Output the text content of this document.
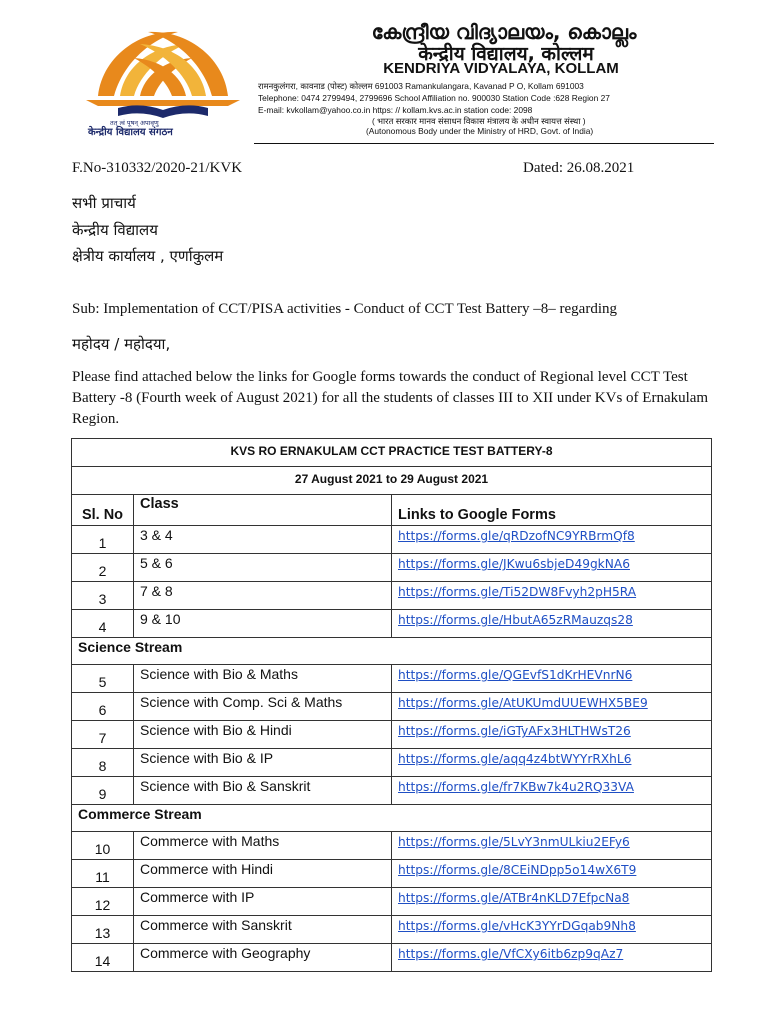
तत् त्वं पूषन् अपावृणु
केन्द्रीय विद्यालय संगठन
കേന്ദ്രീയ വിദ്യാലയം, കൊല്ലം
केन्द्रीय विद्यालय, कोल्लम
KENDRIYA VIDYALAYA, KOLLAM
रामनकुलंगरा, कावनाड (पोस्ट) कोल्लम 691003 Ramankulangara, Kavanad P O, Kollam 691003
Telephone: 0474 2799494, 2799696 School Affiliation no. 900030 Station Code :628 Region 27
E-mail: kvkollam@yahoo.co.in https: // kollam.kvs.ac.in station code: 2098
( भारत सरकार मानव संसाधन विकास मंत्रालय के अधीन स्वायत्त संस्था )
(Autonomous Body under the Ministry of HRD, Govt. of India)
F.No-310332/2020-21/KVK	Dated: 26.08.2021
सभी प्राचार्य
केन्द्रीय विद्यालय
क्षेत्रीय कार्यालय , एर्णाकुलम
Sub: Implementation of CCT/PISA activities - Conduct of CCT Test Battery –8– regarding
महोदय / महोदया,
Please find attached below the links for Google forms towards the conduct of Regional level CCT Test Battery -8 (Fourth week of August 2021) for all the students of classes III to XII under KVs of Ernakulam Region.
KVS RO ERNAKULAM CCT PRACTICE TEST BATTERY-8		
27 August 2021 to 29 August 2021		
Sl. No	Class	Links to Google Forms
1	3 & 4	https://forms.gle/qRDzofNC9YRBrmQf8
2	5 & 6	https://forms.gle/JKwu6sbjeD49gkNA6
3	7 & 8	https://forms.gle/Ti52DW8Fvyh2pH5RA
4	9 & 10	https://forms.gle/HbutA65zRMauzqs28
Science Stream		
5	Science with Bio & Maths	https://forms.gle/QGEvfS1dKrHEVnrN6
6	Science with Comp. Sci & Maths	https://forms.gle/AtUKUmdUUEWHX5BE9
7	Science with Bio & Hindi	https://forms.gle/iGTyAFx3HLTHWsT26
8	Science with Bio & IP	https://forms.gle/aqq4z4btWYYrRXhL6
9	Science with Bio & Sanskrit	https://forms.gle/fr7KBw7k4u2RQ33VA
Commerce Stream		
10	Commerce with Maths	https://forms.gle/5LvY3nmULkiu2EFy6
11	Commerce with Hindi	https://forms.gle/8CEiNDpp5o14wX6T9
12	Commerce with IP	https://forms.gle/ATBr4nKLD7EfpcNa8
13	Commerce with Sanskrit	https://forms.gle/vHcK3YYrDGqab9Nh8
14	Commerce with Geography	https://forms.gle/VfCXy6itb6zp9qAz7
